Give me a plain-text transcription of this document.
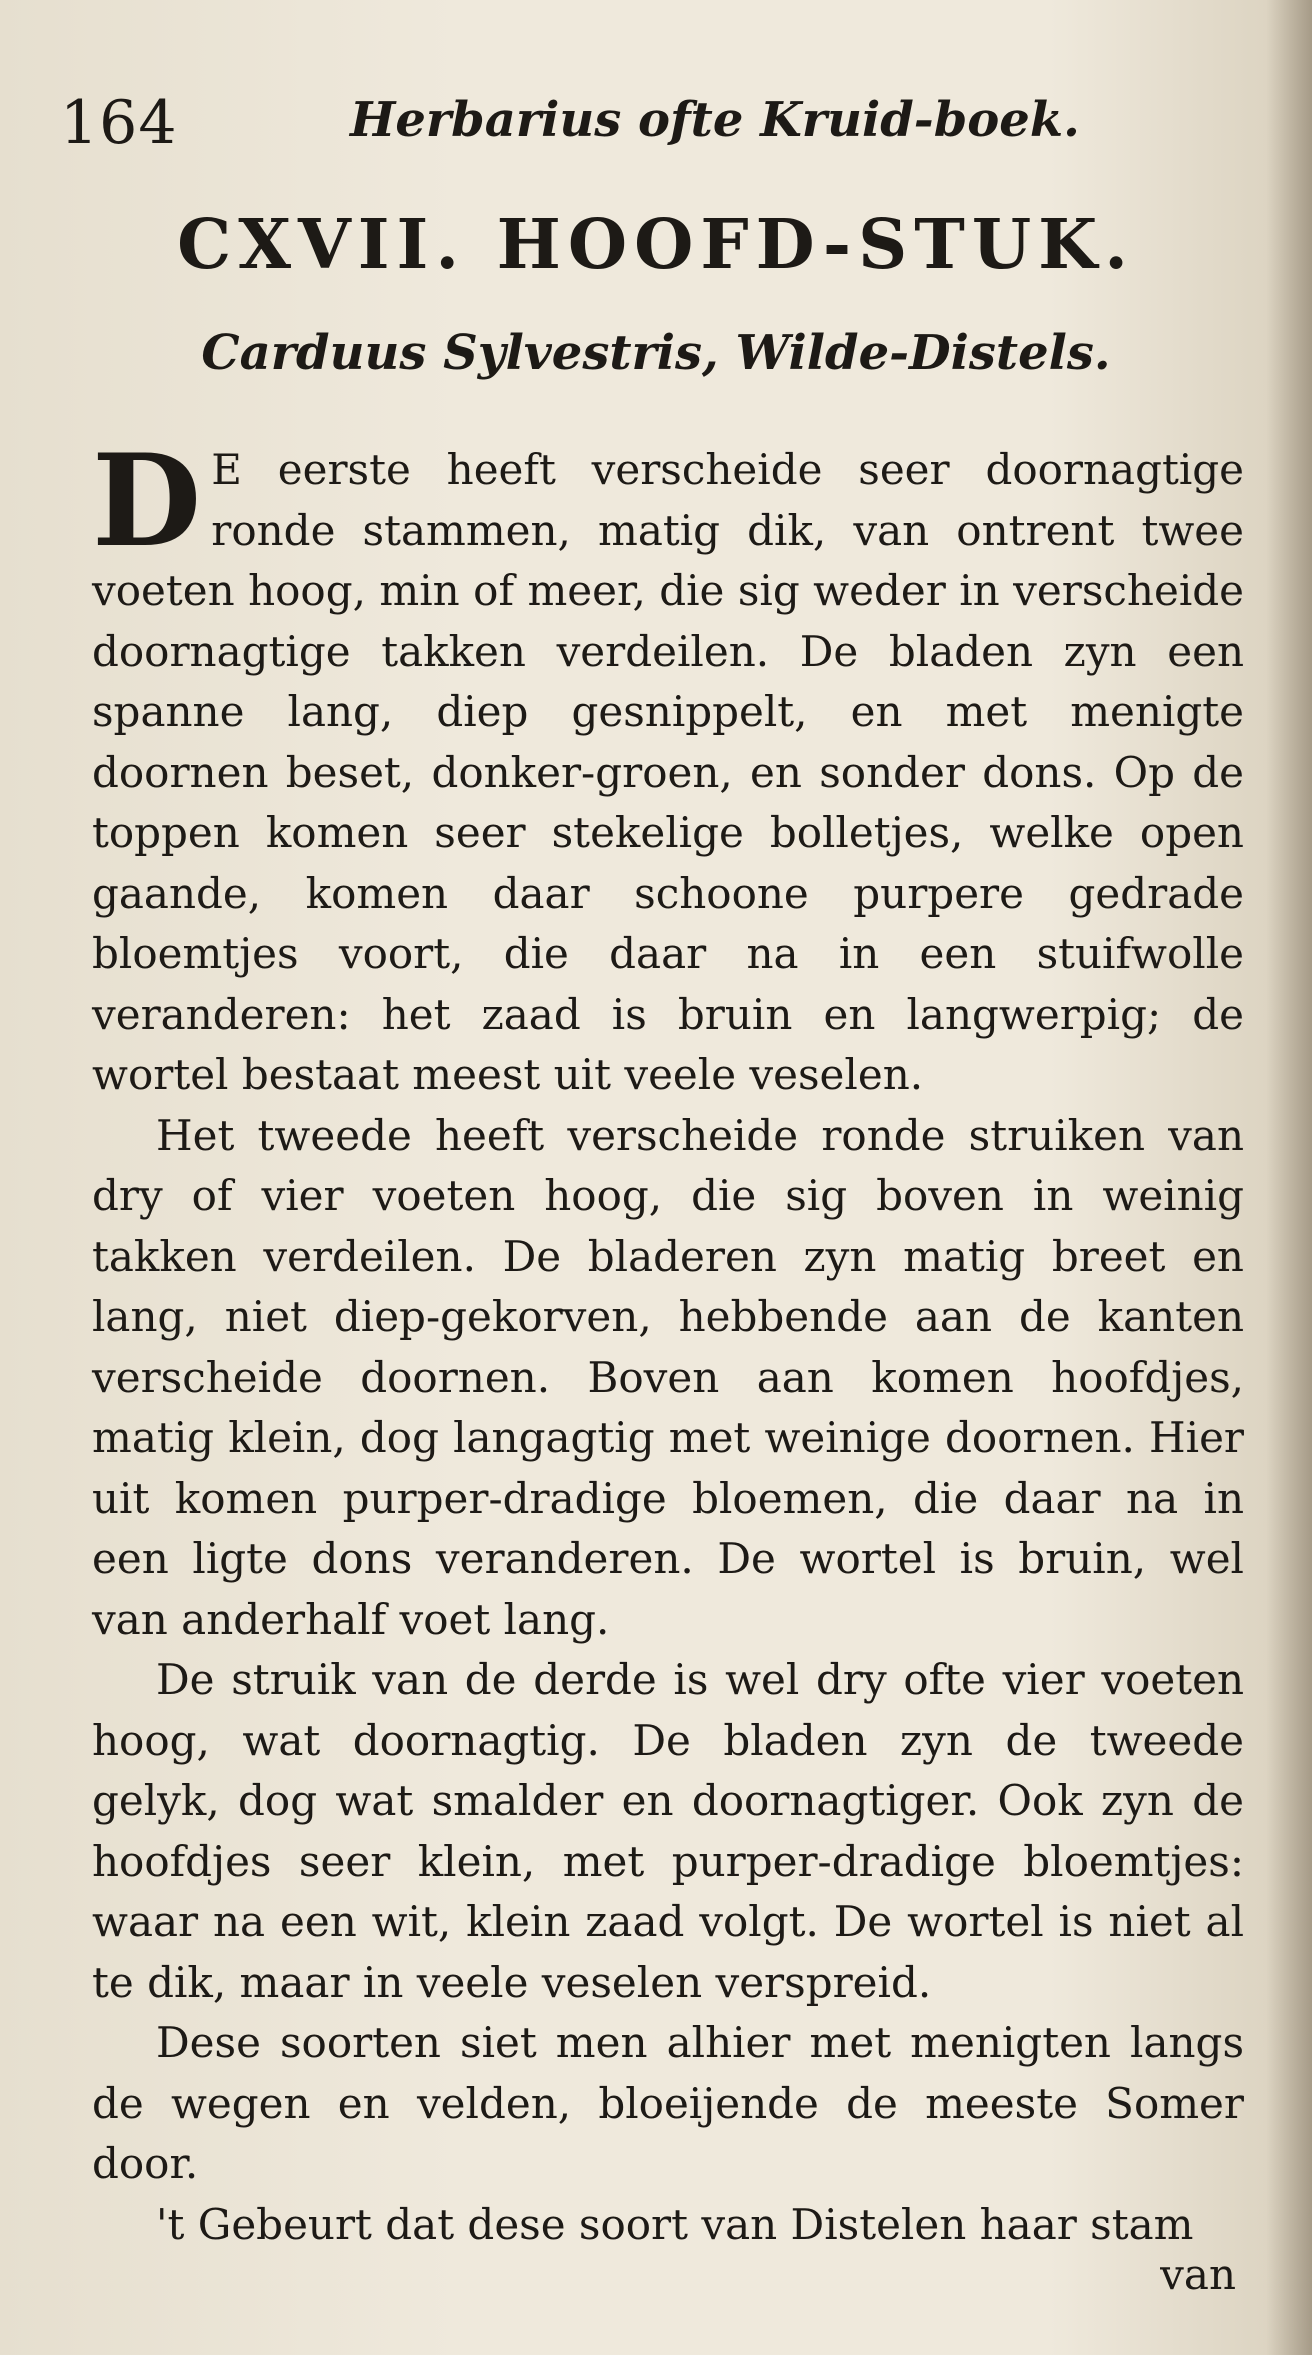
164	Herbarius ofte Kruid-boek.
CXVII. HOOFD-STUK.
Carduus Sylvestris, Wilde-Distels.

D E eerste heeft verscheide seer doornagtige ronde stammen, matig dik, van ontrent twee voeten hoog, min of meer, die sig weder in verscheide doornagtige takken verdeilen. De bladen zyn een spanne lang, diep gesnippelt, en met menigte doornen beset, donker-groen, en sonder dons. Op de toppen komen seer stekelige bolletjes, welke open gaande, komen daar schoone purpere gedrade bloemtjes voort, die daar na in een stuifwolle veranderen: het zaad is bruin en langwerpig; de wortel bestaat meest uit veele veselen.

Het tweede heeft verscheide ronde struiken van dry of vier voeten hoog, die sig boven in weinig takken verdeilen. De bladeren zyn matig breet en lang, niet diep-gekorven, hebbende aan de kanten verscheide doornen. Boven aan komen hoofdjes, matig klein, dog langagtig met weinige doornen. Hier uit komen purper-dradige bloemen, die daar na in een ligte dons veranderen. De wortel is bruin, wel van anderhalf voet lang.

De struik van de derde is wel dry ofte vier voeten hoog, wat doornagtig. De bladen zyn de tweede gelyk, dog wat smalder en doornagtiger. Ook zyn de hoofdjes seer klein, met purper-dradige bloemtjes: waar na een wit, klein zaad volgt. De wortel is niet al te dik, maar in veele veselen verspreid.

Dese soorten siet men alhier met menigten langs de wegen en velden, bloeijende de meeste Somer door.

't Gebeurt dat dese soort van Distelen haar stam

van
